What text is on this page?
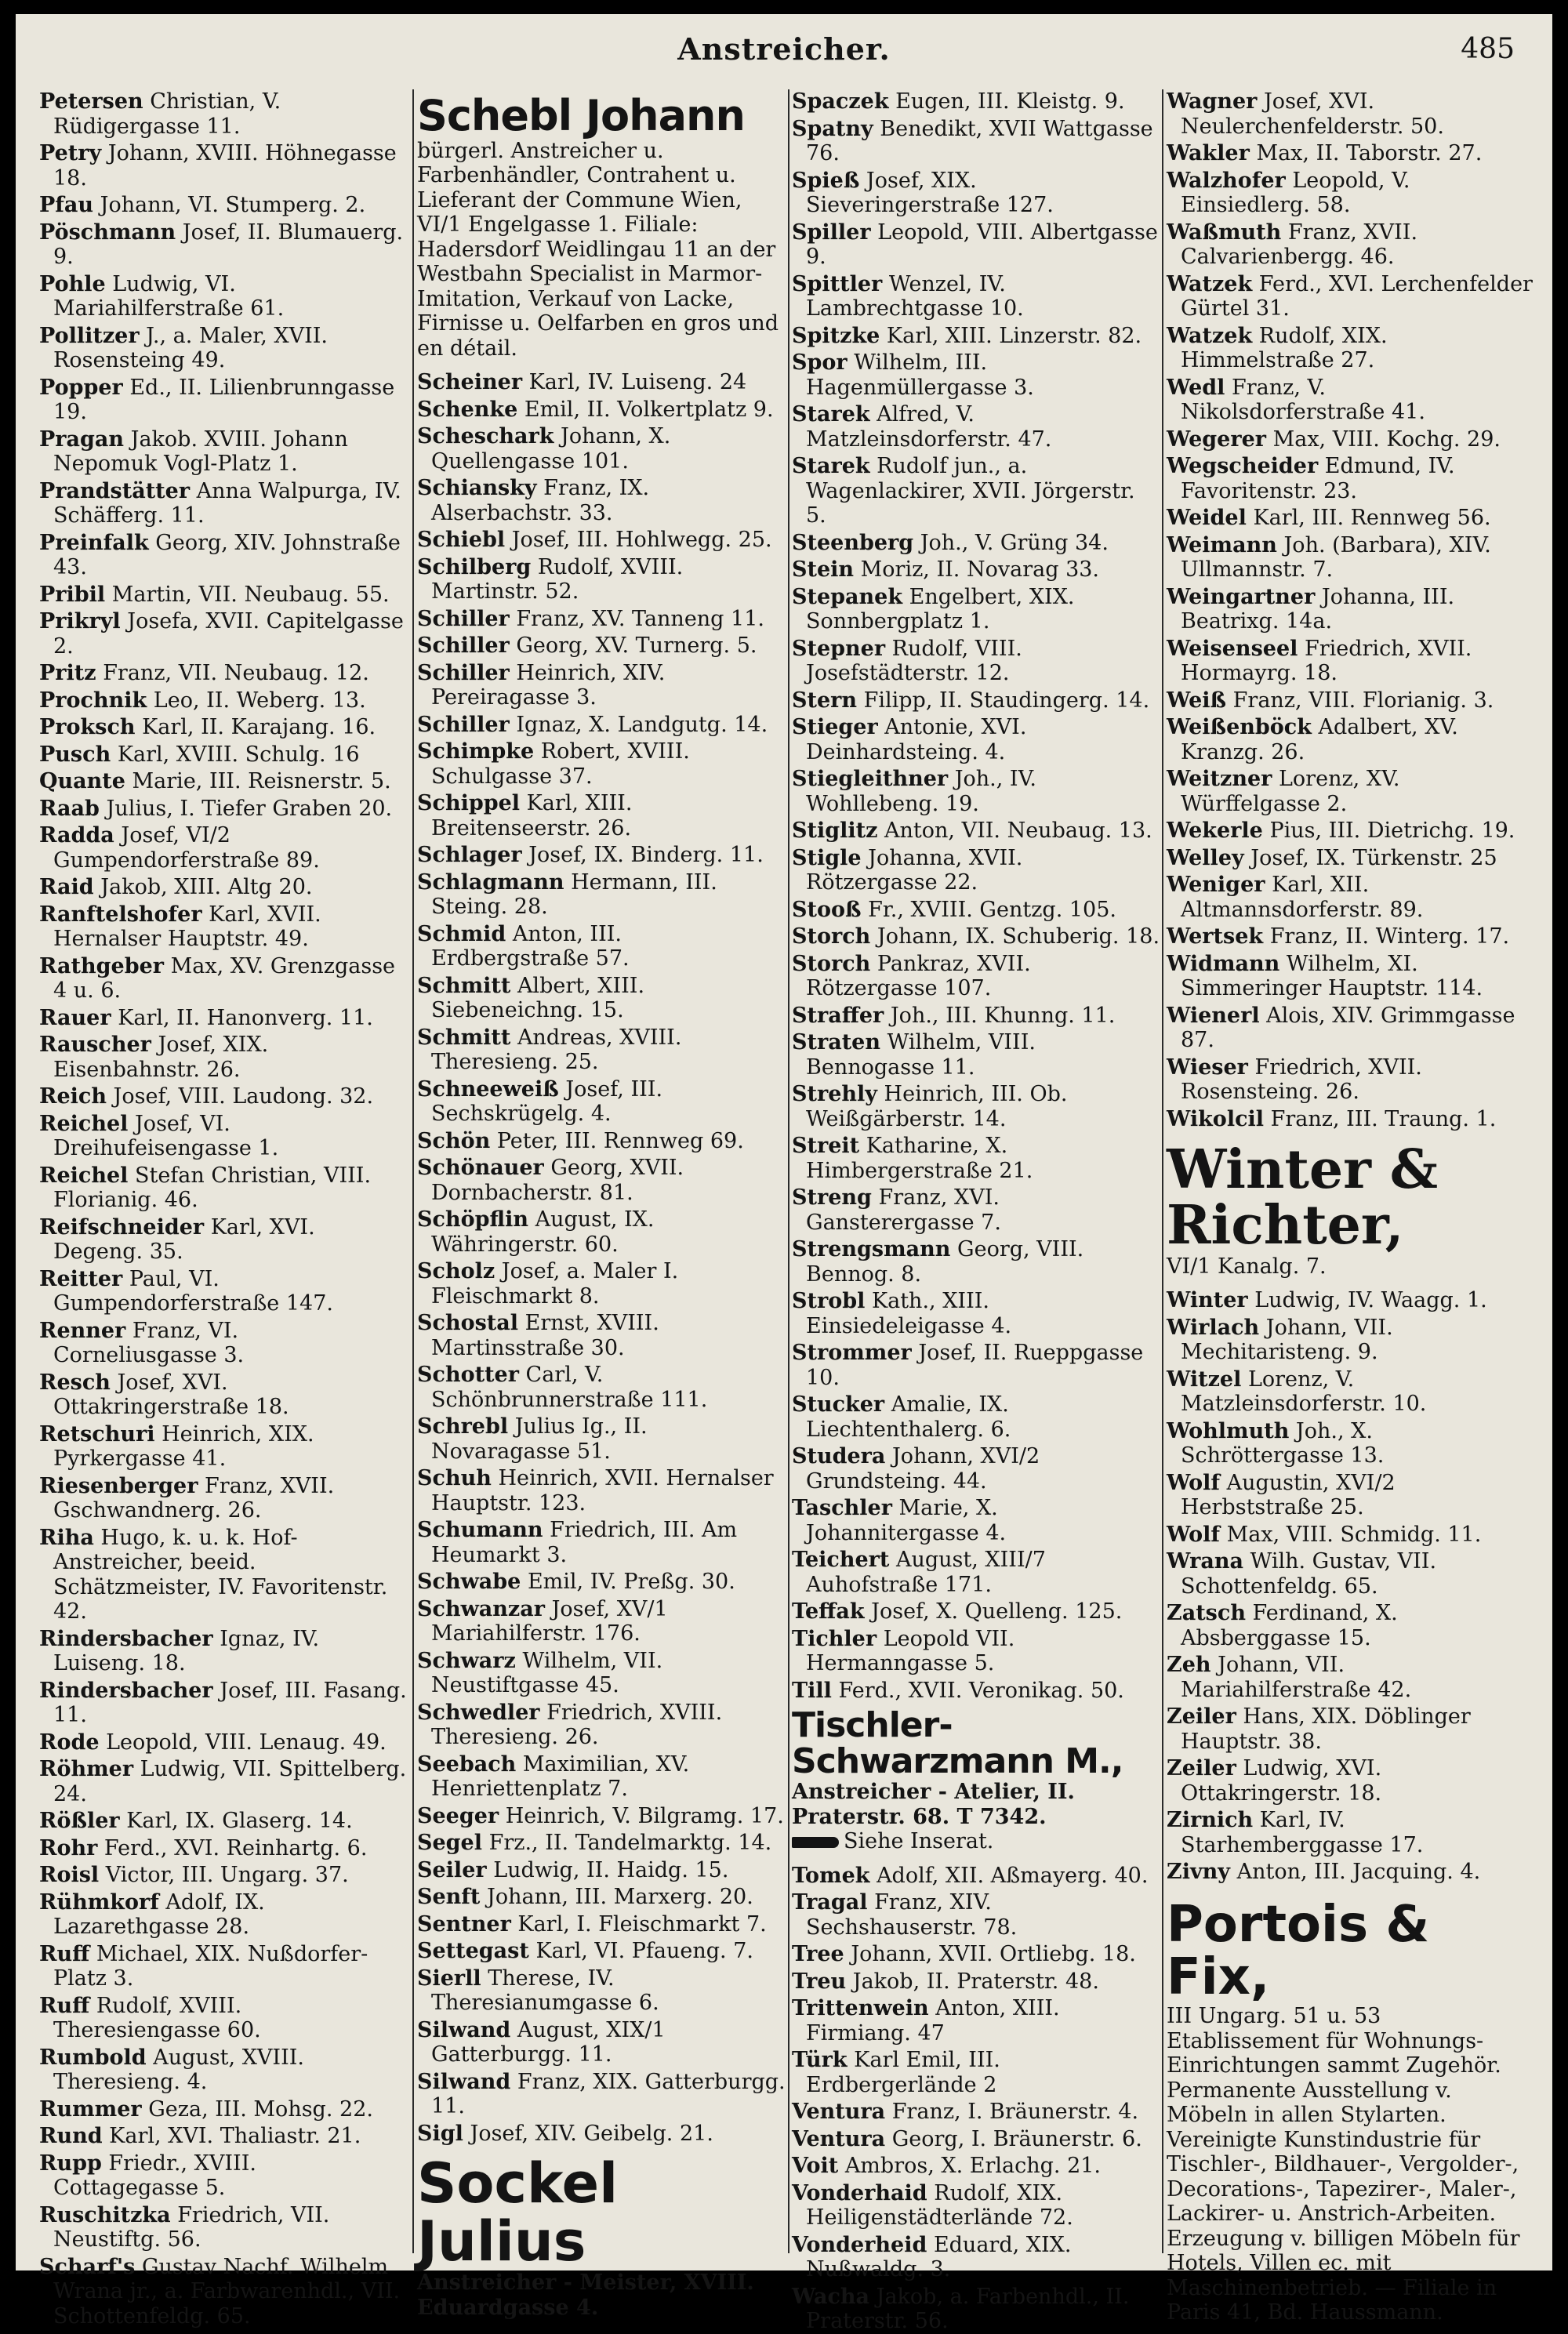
Anstreicher.	485
Petersen Christian, V. Rüdigergasse 11.
Petry Johann, XVIII. Höhnegasse 18.
Pfau Johann, VI. Stumperg. 2.
Pöschmann Josef, II. Blumauerg. 9.
Pohle Ludwig, VI. Mariahilferstraße 61.
Pollitzer J., a. Maler, XVII. Rosensteing 49.
Popper Ed., II. Lilienbrunngasse 19.
Pragan Jakob. XVIII. Johann Nepomuk Vogl-Platz 1.
Prandstätter Anna Walpurga, IV. Schäfferg. 11.
Preinfalk Georg, XIV. Johnstraße 43.
Pribil Martin, VII. Neubaug. 55.
Prikryl Josefa, XVII. Capitelgasse 2.
Pritz Franz, VII. Neubaug. 12.
Prochnik Leo, II. Weberg. 13.
Proksch Karl, II. Karajang. 16.
Pusch Karl, XVIII. Schulg. 16
Quante Marie, III. Reisnerstr. 5.
Raab Julius, I. Tiefer Graben 20.
Radda Josef, VI/2 Gumpendorferstraße 89.
Raid Jakob, XIII. Altg 20.
Ranftelshofer Karl, XVII. Hernalser Hauptstr. 49.
Rathgeber Max, XV. Grenzgasse 4 u. 6.
Rauer Karl, II. Hanonverg. 11.
Rauscher Josef, XIX. Eisenbahnstr. 26.
Reich Josef, VIII. Laudong. 32.
Reichel Josef, VI. Dreihufeisengasse 1.
Reichel Stefan Christian, VIII. Florianig. 46.
Reifschneider Karl, XVI. Degeng. 35.
Reitter Paul, VI. Gumpendorferstraße 147.
Renner Franz, VI. Corneliusgasse 3.
Resch Josef, XVI. Ottakringerstraße 18.
Retschuri Heinrich, XIX. Pyrkergasse 41.
Riesenberger Franz, XVII. Gschwandnerg. 26.
Riha Hugo, k. u. k. Hof-Anstreicher, beeid. Schätzmeister, IV. Favoritenstr. 42.
Rindersbacher Ignaz, IV. Luiseng. 18.
Rindersbacher Josef, III. Fasang. 11.
Rode Leopold, VIII. Lenaug. 49.
Röhmer Ludwig, VII. Spittelberg. 24.
Rößler Karl, IX. Glaserg. 14.
Rohr Ferd., XVI. Reinhartg. 6.
Roisl Victor, III. Ungarg. 37.
Rühmkorf Adolf, IX. Lazarethgasse 28.
Ruff Michael, XIX. Nußdorfer-Platz 3.
Ruff Rudolf, XVIII. Theresiengasse 60.
Rumbold August, XVIII. Theresieng. 4.
Rummer Geza, III. Mohsg. 22.
Rund Karl, XVI. Thaliastr. 21.
Rupp Friedr., XVIII. Cottagegasse 5.
Ruschitzka Friedrich, VII. Neustiftg. 56.
Scharf's Gustav Nachf. Wilhelm Wrana jr., a. Farbwarenhdl., VII. Schottenfeldg. 65.
Schebl Johann
bürgerl. Anstreicher u. Farbenhändler, Contrahent u. Lieferant der Commune Wien, VI/1 Engelgasse 1. Filiale: Hadersdorf Weidlingau 11 an der Westbahn Specialist in Marmor-Imitation, Verkauf von Lacke, Firnisse u. Oelfarben en gros und en détail.
Scheiner Karl, IV. Luiseng. 24
Schenke Emil, II. Volkertplatz 9.
Scheschark Johann, X. Quellengasse 101.
Schiansky Franz, IX. Alserbachstr. 33.
Schiebl Josef, III. Hohlwegg. 25.
Schilberg Rudolf, XVIII. Martinstr. 52.
Schiller Franz, XV. Tanneng 11.
Schiller Georg, XV. Turnerg. 5.
Schiller Heinrich, XIV. Pereiragasse 3.
Schiller Ignaz, X. Landgutg. 14.
Schimpke Robert, XVIII. Schulgasse 37.
Schippel Karl, XIII. Breitenseerstr. 26.
Schlager Josef, IX. Binderg. 11.
Schlagmann Hermann, III. Steing. 28.
Schmid Anton, III. Erdbergstraße 57.
Schmitt Albert, XIII. Siebeneichng. 15.
Schmitt Andreas, XVIII. Theresieng. 25.
Schneeweiß Josef, III. Sechskrügelg. 4.
Schön Peter, III. Rennweg 69.
Schönauer Georg, XVII. Dornbacherstr. 81.
Schöpflin August, IX. Währingerstr. 60.
Scholz Josef, a. Maler I. Fleischmarkt 8.
Schostal Ernst, XVIII. Martinsstraße 30.
Schotter Carl, V. Schönbrunnerstraße 111.
Schrebl Julius Ig., II. Novaragasse 51.
Schuh Heinrich, XVII. Hernalser Hauptstr. 123.
Schumann Friedrich, III. Am Heumarkt 3.
Schwabe Emil, IV. Preßg. 30.
Schwanzar Josef, XV/1 Mariahilferstr. 176.
Schwarz Wilhelm, VII. Neustiftgasse 45.
Schwedler Friedrich, XVIII. Theresieng. 26.
Seebach Maximilian, XV. Henriettenplatz 7.
Seeger Heinrich, V. Bilgramg. 17.
Segel Frz., II. Tandelmarktg. 14.
Seiler Ludwig, II. Haidg. 15.
Senft Johann, III. Marxerg. 20.
Sentner Karl, I. Fleischmarkt 7.
Settegast Karl, VI. Pfaueng. 7.
Sierll Therese, IV. Theresianumgasse 6.
Silwand August, XIX/1 Gatterburgg. 11.
Silwand Franz, XIX. Gatterburgg. 11.
Sigl Josef, XIV. Geibelg. 21.
Sockel Julius
Anstreicher - Meister, XVIII. Eduardgasse 4.
Spaczek Eugen, III. Kleistg. 9.
Spatny Benedikt, XVII Wattgasse 76.
Spieß Josef, XIX. Sieveringerstraße 127.
Spiller Leopold, VIII. Albertgasse 9.
Spittler Wenzel, IV. Lambrechtgasse 10.
Spitzke Karl, XIII. Linzerstr. 82.
Spor Wilhelm, III. Hagenmüllergasse 3.
Starek Alfred, V. Matzleinsdorferstr. 47.
Starek Rudolf jun., a. Wagenlackirer, XVII. Jörgerstr. 5.
Steenberg Joh., V. Grüng 34.
Stein Moriz, II. Novarag 33.
Stepanek Engelbert, XIX. Sonnbergplatz 1.
Stepner Rudolf, VIII. Josefstädterstr. 12.
Stern Filipp, II. Staudingerg. 14.
Stieger Antonie, XVI. Deinhardsteing. 4.
Stiegleithner Joh., IV. Wohllebeng. 19.
Stiglitz Anton, VII. Neubaug. 13.
Stigle Johanna, XVII. Rötzergasse 22.
Stooß Fr., XVIII. Gentzg. 105.
Storch Johann, IX. Schuberig. 18.
Storch Pankraz, XVII. Rötzergasse 107.
Straffer Joh., III. Khunng. 11.
Straten Wilhelm, VIII. Bennogasse 11.
Strehly Heinrich, III. Ob. Weißgärberstr. 14.
Streit Katharine, X. Himbergerstraße 21.
Streng Franz, XVI. Gansterergasse 7.
Strengsmann Georg, VIII. Bennog. 8.
Strobl Kath., XIII. Einsiedeleigasse 4.
Strommer Josef, II. Rueppgasse 10.
Stucker Amalie, IX. Liechtenthalerg. 6.
Studera Johann, XVI/2 Grundsteing. 44.
Taschler Marie, X. Johannitergasse 4.
Teichert August, XIII/7 Auhofstraße 171.
Teffak Josef, X. Quelleng. 125.
Tichler Leopold VII. Hermanngasse 5.
Till Ferd., XVII. Veronikag. 50.
Tischler-Schwarzmann M.,
Anstreicher - Atelier, II. Praterstr. 68. T 7342.
Siehe Inserat.
Tomek Adolf, XII. Aßmayerg. 40.
Tragal Franz, XIV. Sechshauserstr. 78.
Tree Johann, XVII. Ortliebg. 18.
Treu Jakob, II. Praterstr. 48.
Trittenwein Anton, XIII. Firmiang. 47
Türk Karl Emil, III. Erdbergerlände 2
Ventura Franz, I. Bräunerstr. 4.
Ventura Georg, I. Bräunerstr. 6.
Voit Ambros, X. Erlachg. 21.
Vonderhaid Rudolf, XIX. Heiligenstädterlände 72.
Vonderheid Eduard, XIX. Nußwaldg. 3.
Wacha Jakob, a. Farbenhdl., II. Praterstr. 56.
Wagner Josef, XVI. Neulerchenfelderstr. 50.
Wakler Max, II. Taborstr. 27.
Walzhofer Leopold, V. Einsiedlerg. 58.
Waßmuth Franz, XVII. Calvarienbergg. 46.
Watzek Ferd., XVI. Lerchenfelder Gürtel 31.
Watzek Rudolf, XIX. Himmelstraße 27.
Wedl Franz, V. Nikolsdorferstraße 41.
Wegerer Max, VIII. Kochg. 29.
Wegscheider Edmund, IV. Favoritenstr. 23.
Weidel Karl, III. Rennweg 56.
Weimann Joh. (Barbara), XIV. Ullmannstr. 7.
Weingartner Johanna, III. Beatrixg. 14a.
Weisenseel Friedrich, XVII. Hormayrg. 18.
Weiß Franz, VIII. Florianig. 3.
Weißenböck Adalbert, XV. Kranzg. 26.
Weitzner Lorenz, XV. Würffelgasse 2.
Wekerle Pius, III. Dietrichg. 19.
Welley Josef, IX. Türkenstr. 25
Weniger Karl, XII. Altmannsdorferstr. 89.
Wertsek Franz, II. Winterg. 17.
Widmann Wilhelm, XI. Simmeringer Hauptstr. 114.
Wienerl Alois, XIV. Grimmgasse 87.
Wieser Friedrich, XVII. Rosensteing. 26.
Wikolcil Franz, III. Traung. 1.
Winter & Richter,
VI/1 Kanalg. 7.
Winter Ludwig, IV. Waagg. 1.
Wirlach Johann, VII. Mechitaristeng. 9.
Witzel Lorenz, V. Matzleinsdorferstr. 10.
Wohlmuth Joh., X. Schröttergasse 13.
Wolf Augustin, XVI/2 Herbststraße 25.
Wolf Max, VIII. Schmidg. 11.
Wrana Wilh. Gustav, VII. Schottenfeldg. 65.
Zatsch Ferdinand, X. Absberggasse 15.
Zeh Johann, VII. Mariahilferstraße 42.
Zeiler Hans, XIX. Döblinger Hauptstr. 38.
Zeiler Ludwig, XVI. Ottakringerstr. 18.
Zirnich Karl, IV. Starhemberggasse 17.
Zivny Anton, III. Jacquing. 4.
Portois & Fix,
III Ungarg. 51 u. 53 Etablissement für Wohnungs-Einrichtungen sammt Zugehör. Permanente Ausstellung v. Möbeln in allen Stylarten. Vereinigte Kunstindustrie für Tischler-, Bildhauer-, Vergolder-, Decorations-, Tapezirer-, Maler-, Lackirer- u. Anstrich-Arbeiten. Erzeugung v. billigen Möbeln für Hotels, Villen ec. mit Maschinenbetrieb. — Filiale in Paris 41, Bd. Haussmann.
